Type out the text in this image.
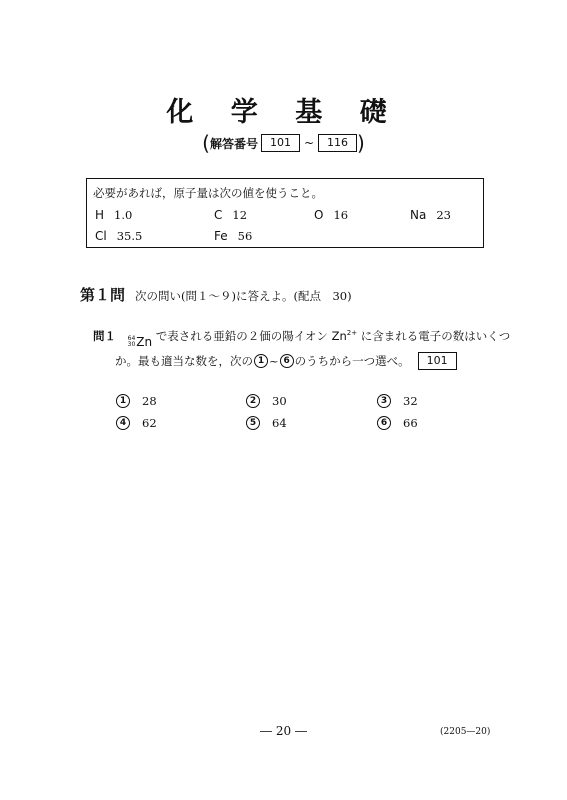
化 学 基 礎
( 解答番号	101	~	116 )
必要があれば，原子量は次の値を使うこと。
H 1.0	C 12	O 16	Na 23
Cl 35.5	Fe 56
第１問 次の問い(問１～９)に答えよ。(配点　30)
問１ 64
30 Zn で表される亜鉛の２価の陽イオン $Zn^{2+}$ に含まれる電子の数はいくつ
か。最も適当な数を，次の 1 ~ 6 のうちから一つ選べ。	101
1	28	2	30	3	32
4	62	5	64	6	66
― 20 ―	(2205—20)
